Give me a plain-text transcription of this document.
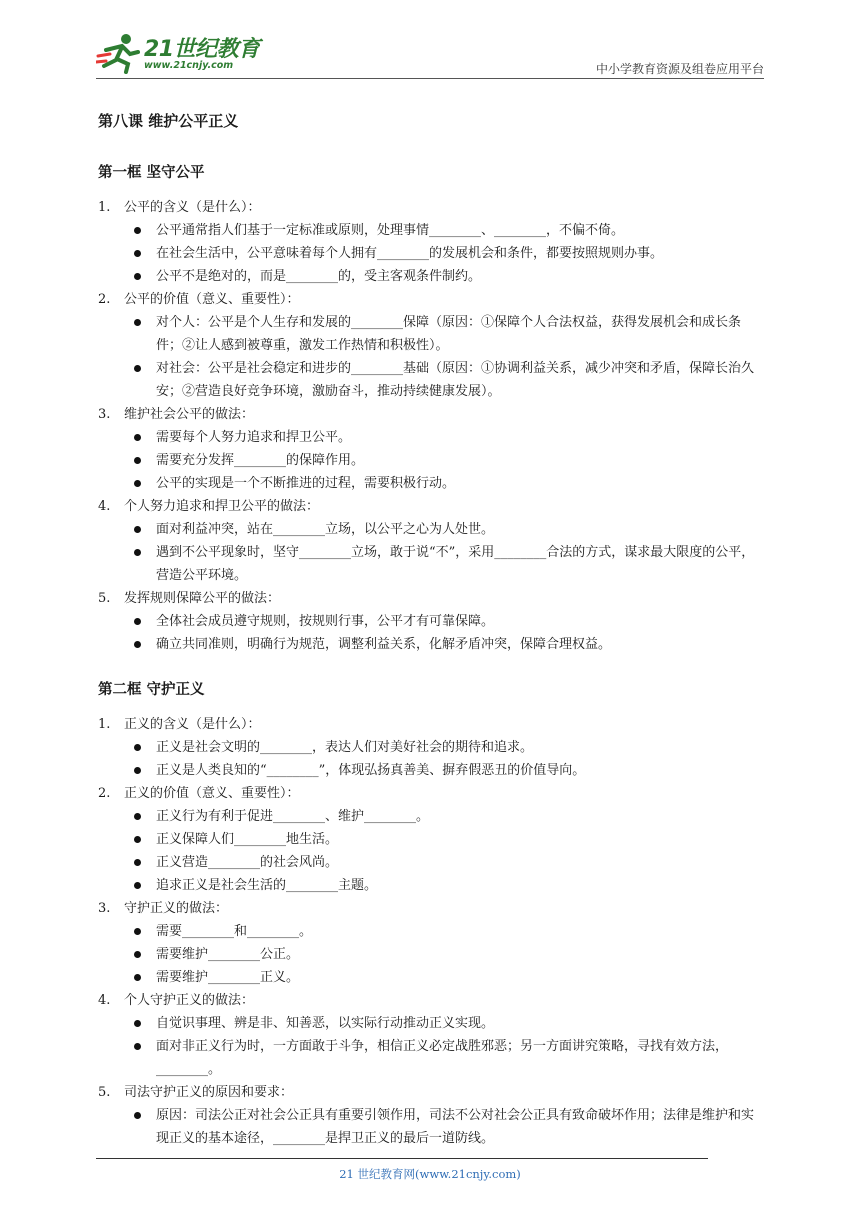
21世纪教育
www.21cnjy.com	中小学教育资源及组卷应用平台
第八课 维护公平正义
第一框 坚守公平
1. 公平的含义（是什么）：
公平通常指人们基于一定标准或原则，处理事情________、________，不偏不倚。
在社会生活中，公平意味着每个人拥有________的发展机会和条件，都要按照规则办事。
公平不是绝对的，而是________的，受主客观条件制约。
2. 公平的价值（意义、重要性）：
对个人：公平是个人生存和发展的________保障（原因：①保障个人合法权益，获得发展机会和成长条件；②让人感到被尊重，激发工作热情和积极性）。
对社会：公平是社会稳定和进步的________基础（原因：①协调利益关系，减少冲突和矛盾，保障长治久安；②营造良好竞争环境，激励奋斗，推动持续健康发展）。
3. 维护社会公平的做法：
需要每个人努力追求和捍卫公平。
需要充分发挥________的保障作用。
公平的实现是一个不断推进的过程，需要积极行动。
4. 个人努力追求和捍卫公平的做法：
面对利益冲突，站在________立场，以公平之心为人处世。
遇到不公平现象时，坚守________立场，敢于说“不”，采用________合法的方式，谋求最大限度的公平，营造公平环境。
5. 发挥规则保障公平的做法：
全体社会成员遵守规则，按规则行事，公平才有可靠保障。
确立共同准则，明确行为规范，调整利益关系，化解矛盾冲突，保障合理权益。
第二框 守护正义
1. 正义的含义（是什么）：
正义是社会文明的________，表达人们对美好社会的期待和追求。
正义是人类良知的“________”，体现弘扬真善美、摒弃假恶丑的价值导向。
2. 正义的价值（意义、重要性）：
正义行为有利于促进________、维护________。
正义保障人们________地生活。
正义营造________的社会风尚。
追求正义是社会生活的________主题。
3. 守护正义的做法：
需要________和________。
需要维护________公正。
需要维护________正义。
4. 个人守护正义的做法：
自觉识事理、辨是非、知善恶，以实际行动推动正义实现。
面对非正义行为时，一方面敢于斗争，相信正义必定战胜邪恶；另一方面讲究策略，寻找有效方法，________。
5. 司法守护正义的原因和要求：
原因：司法公正对社会公正具有重要引领作用，司法不公对社会公正具有致命破坏作用；法律是维护和实现正义的基本途径，________是捍卫正义的最后一道防线。
21 世纪教育网(www.21cnjy.com)
